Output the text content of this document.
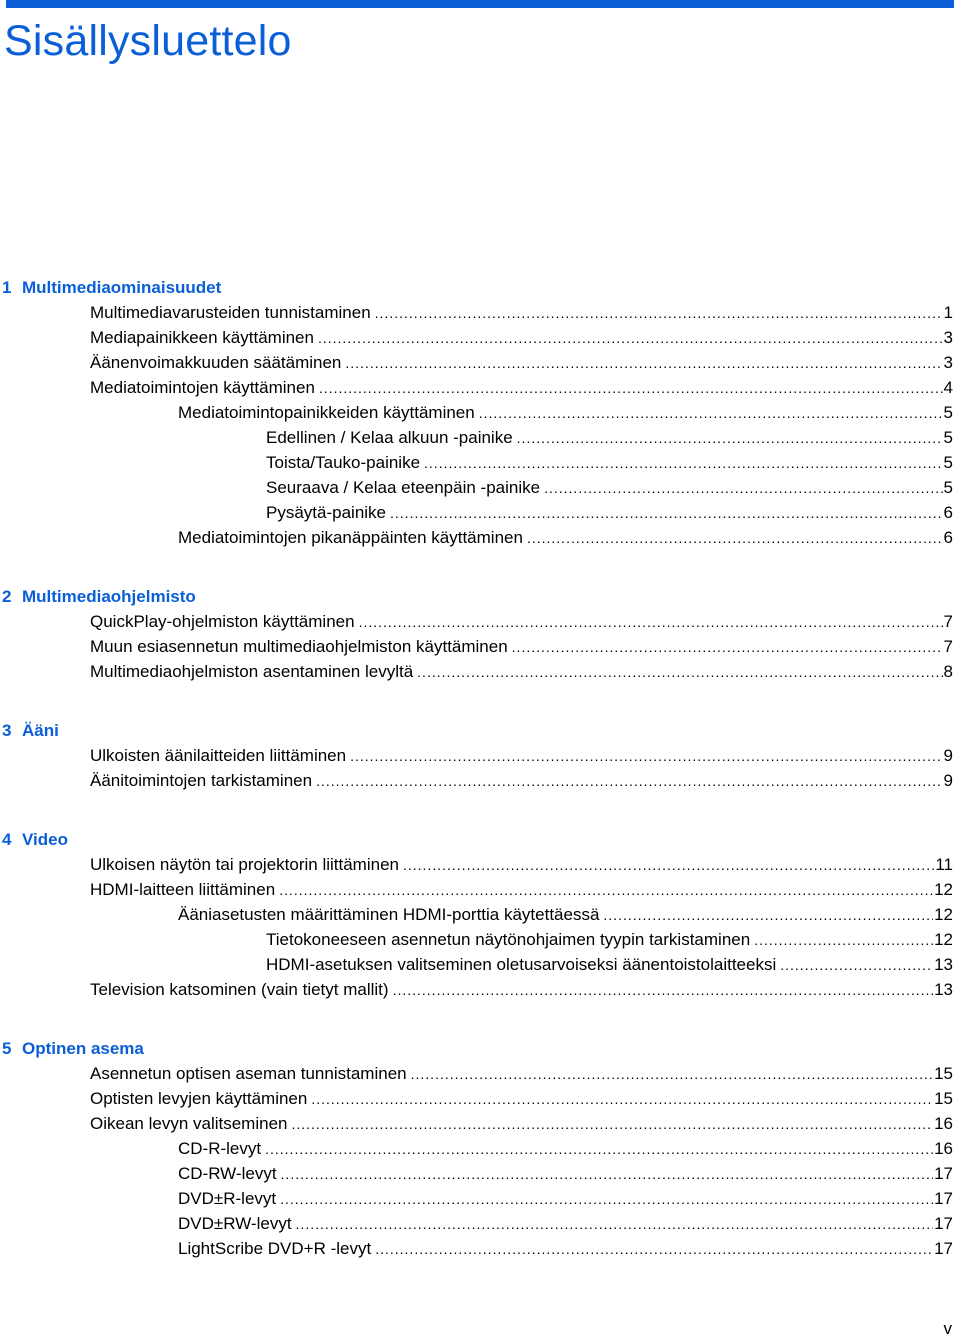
Sisällysluettelo
1 Multimediaominaisuudet
Multimediavarusteiden tunnistaminen .....	1
Mediapainikkeen käyttäminen .....	3
Äänenvoimakkuuden säätäminen .....	3
Mediatoimintojen käyttäminen .....	4
Mediatoimintopainikkeiden käyttäminen .....	5
Edellinen / Kelaa alkuun -painike .....	5
Toista/Tauko-painike .....	5
Seuraava / Kelaa eteenpäin -painike .....	5
Pysäytä-painike .....	6
Mediatoimintojen pikanäppäinten käyttäminen .....	6
2 Multimediaohjelmisto
QuickPlay-ohjelmiston käyttäminen .....	7
Muun esiasennetun multimediaohjelmiston käyttäminen .....	7
Multimediaohjelmiston asentaminen levyltä .....	8
3 Ääni
Ulkoisten äänilaitteiden liittäminen .....	9
Äänitoimintojen tarkistaminen .....	9
4 Video
Ulkoisen näytön tai projektorin liittäminen .....	11
HDMI-laitteen liittäminen .....	12
Ääniasetusten määrittäminen HDMI-porttia käytettäessä .....	12
Tietokoneeseen asennetun näytönohjaimen tyypin tarkistaminen .....	12
HDMI-asetuksen valitseminen oletusarvoiseksi äänentoistolaitteeksi .....	13
Television katsominen (vain tietyt mallit) .....	13
5 Optinen asema
Asennetun optisen aseman tunnistaminen .....	15
Optisten levyjen käyttäminen .....	15
Oikean levyn valitseminen .....	16
CD-R-levyt .....	16
CD-RW-levyt .....	17
DVD±R-levyt .....	17
DVD±RW-levyt .....	17
LightScribe DVD+R -levyt .....	17
v
